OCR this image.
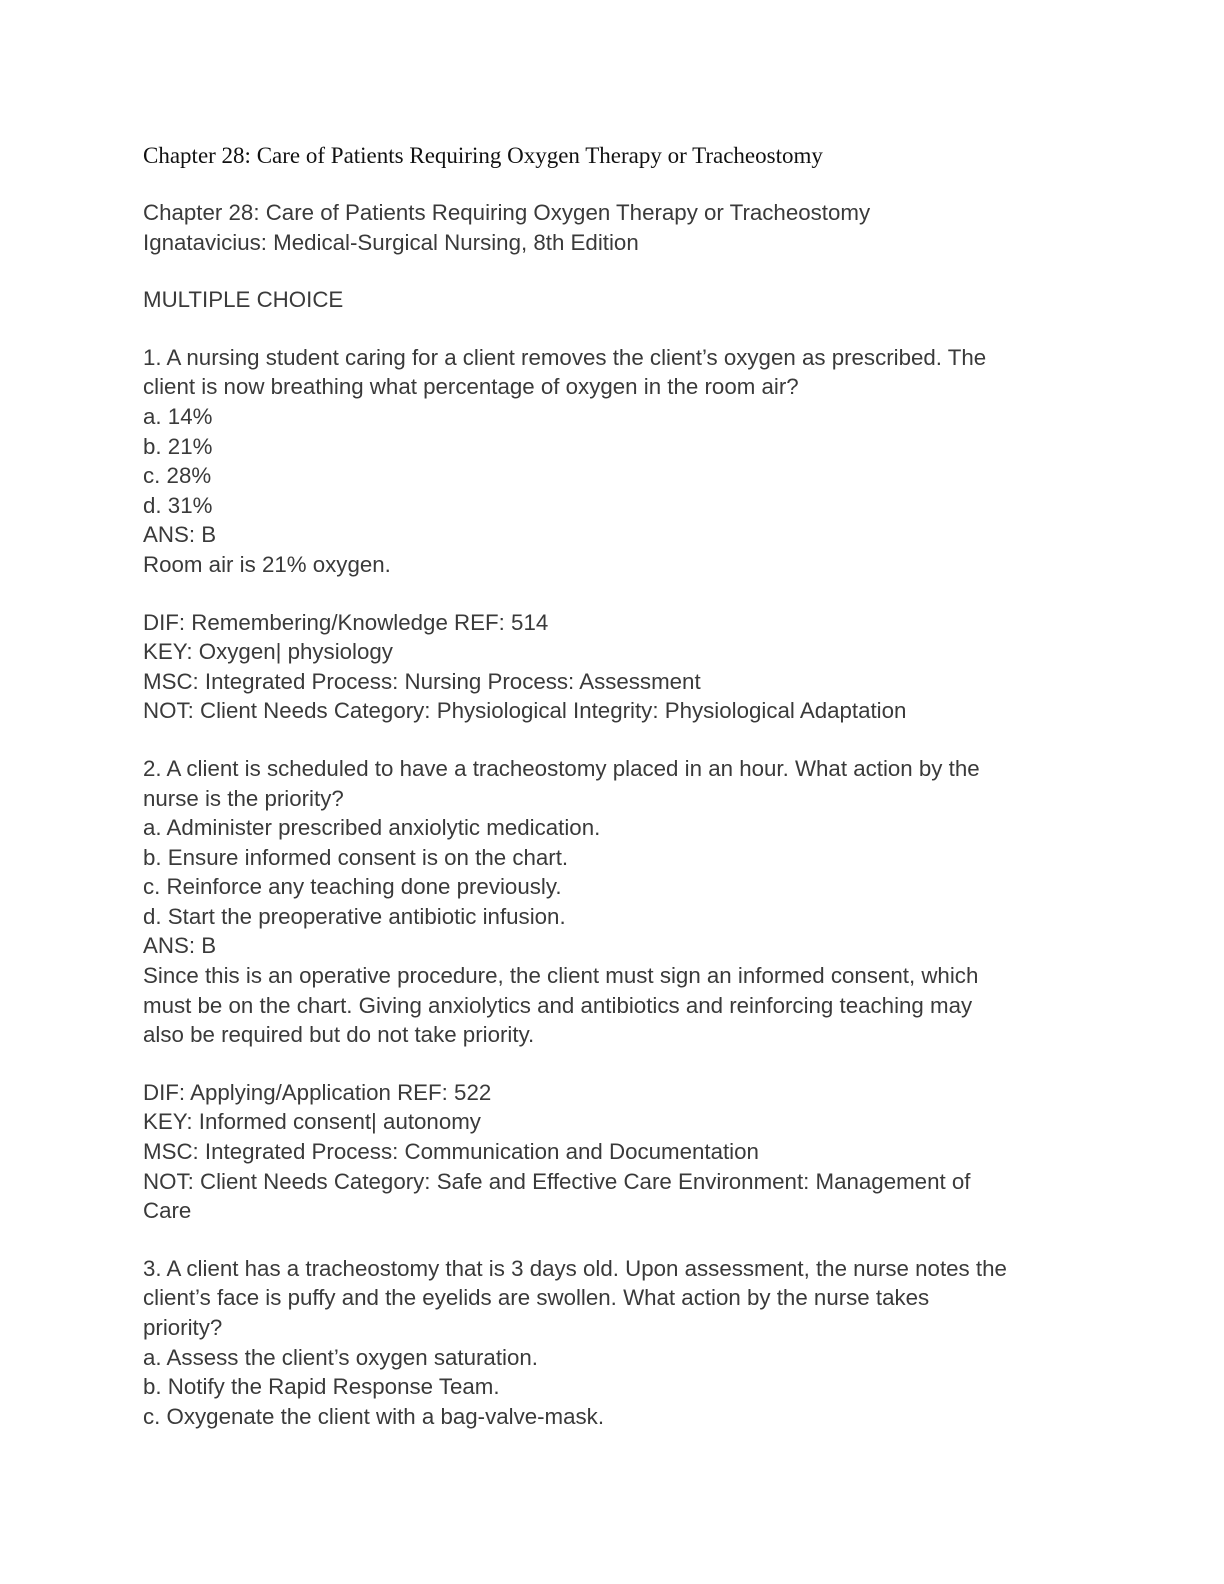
Chapter 28: Care of Patients Requiring Oxygen Therapy or Tracheostomy
Chapter 28: Care of Patients Requiring Oxygen Therapy or Tracheostomy
Ignatavicius: Medical-Surgical Nursing, 8th Edition
MULTIPLE CHOICE
1. A nursing student caring for a client removes the client’s oxygen as prescribed. The
client is now breathing what percentage of oxygen in the room air?
a. 14%
b. 21%
c. 28%
d. 31%
ANS: B
Room air is 21% oxygen.
DIF: Remembering/Knowledge REF: 514
KEY: Oxygen| physiology
MSC: Integrated Process: Nursing Process: Assessment
NOT: Client Needs Category: Physiological Integrity: Physiological Adaptation
2. A client is scheduled to have a tracheostomy placed in an hour. What action by the
nurse is the priority?
a. Administer prescribed anxiolytic medication.
b. Ensure informed consent is on the chart.
c. Reinforce any teaching done previously.
d. Start the preoperative antibiotic infusion.
ANS: B
Since this is an operative procedure, the client must sign an informed consent, which
must be on the chart. Giving anxiolytics and antibiotics and reinforcing teaching may
also be required but do not take priority.
DIF: Applying/Application REF: 522
KEY: Informed consent| autonomy
MSC: Integrated Process: Communication and Documentation
NOT: Client Needs Category: Safe and Effective Care Environment: Management of
Care
3. A client has a tracheostomy that is 3 days old. Upon assessment, the nurse notes the
client’s face is puffy and the eyelids are swollen. What action by the nurse takes
priority?
a. Assess the client’s oxygen saturation.
b. Notify the Rapid Response Team.
c. Oxygenate the client with a bag-valve-mask.
